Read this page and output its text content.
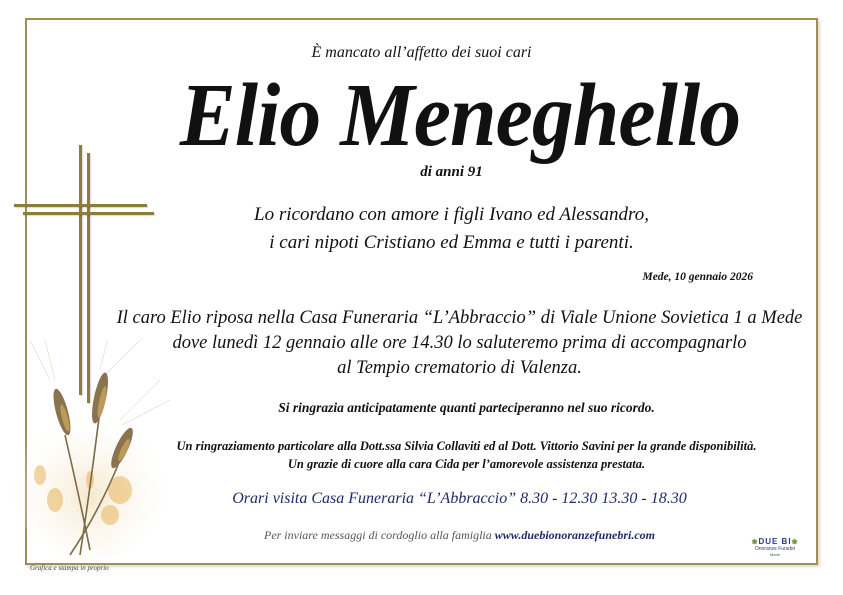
È mancato all’affetto dei suoi cari
Elio Meneghello
di anni 91
Lo ricordano con amore i figli Ivano ed Alessandro,
i cari nipoti Cristiano ed Emma e tutti i parenti.
Mede, 10 gennaio 2026
Il caro Elio riposa nella Casa Funeraria “L’Abbraccio” di Viale Unione Sovietica 1 a Mede
dove lunedì 12 gennaio alle ore 14.30 lo saluteremo prima di accompagnarlo
al Tempio crematorio di Valenza.
Si ringrazia anticipatamente quanti parteciperanno nel suo ricordo.
Un ringraziamento particolare alla Dott.ssa Silvia Collaviti ed al Dott. Vittorio Savini per la grande disponibilità.
Un grazie di cuore alla cara Cida per l’amorevole assistenza prestata.
Orari visita Casa Funeraria “L’Abbraccio” 8.30 - 12.30 13.30 - 18.30
Per inviare messaggi di cordoglio alla famiglia www.duebionoranzefunebri.com
❀DUE BI❀
Onoranze Funebri
Mede
Grafica e stampa in proprio
